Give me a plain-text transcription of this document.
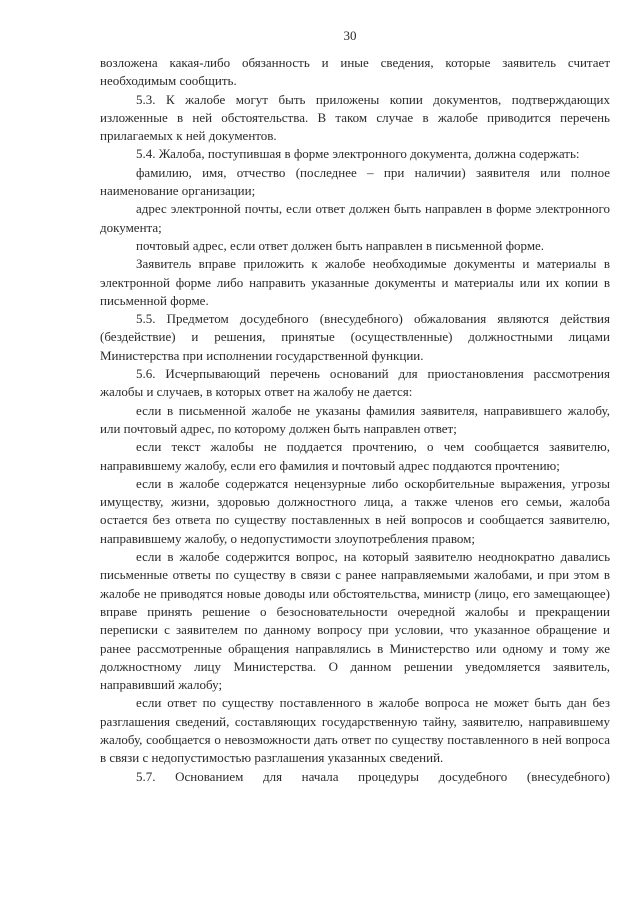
30

возложена какая-либо обязанность и иные сведения, которые заявитель считает необходимым сообщить.

5.3. К жалобе могут быть приложены копии документов, подтверждающих изложенные в ней обстоятельства. В таком случае в жалобе приводится перечень прилагаемых к ней документов.

5.4. Жалоба, поступившая в форме электронного документа, должна содержать:

фамилию, имя, отчество (последнее – при наличии) заявителя или полное наименование организации;

адрес электронной почты, если ответ должен быть направлен в форме электронного документа;

почтовый адрес, если ответ должен быть направлен в письменной форме.

Заявитель вправе приложить к жалобе необходимые документы и материалы в электронной форме либо направить указанные документы и материалы или их копии в письменной форме.

5.5. Предметом досудебного (внесудебного) обжалования являются действия (бездействие) и решения, принятые (осуществленные) должностными лицами Министерства при исполнении государственной функции.

5.6. Исчерпывающий перечень оснований для приостановления рассмотрения жалобы и случаев, в которых ответ на жалобу не дается:

если в письменной жалобе не указаны фамилия заявителя, направившего жалобу, или почтовый адрес, по которому должен быть направлен ответ;

если текст жалобы не поддается прочтению, о чем сообщается заявителю, направившему жалобу, если его фамилия и почтовый адрес поддаются прочтению;

если в жалобе содержатся нецензурные либо оскорбительные выражения, угрозы имуществу, жизни, здоровью должностного лица, а также членов его семьи, жалоба остается без ответа по существу поставленных в ней вопросов и сообщается заявителю, направившему жалобу, о недопустимости злоупотребления правом;

если в жалобе содержится вопрос, на который заявителю неоднократно давались письменные ответы по существу в связи с ранее направляемыми жалобами, и при этом в жалобе не приводятся новые доводы или обстоятельства, министр (лицо, его замещающее) вправе принять решение о безосновательности очередной жалобы и прекращении переписки с заявителем по данному вопросу при условии, что указанное обращение и ранее рассмотренные обращения направлялись в Министерство или одному и тому же должностному лицу Министерства. О данном решении уведомляется заявитель, направивший жалобу;

если ответ по существу поставленного в жалобе вопроса не может быть дан без разглашения сведений, составляющих государственную тайну, заявителю, направившему жалобу, сообщается о невозможности дать ответ по существу поставленного в ней вопроса в связи с недопустимостью разглашения указанных сведений.

5.7. Основанием для начала процедуры досудебного (внесудебного)
